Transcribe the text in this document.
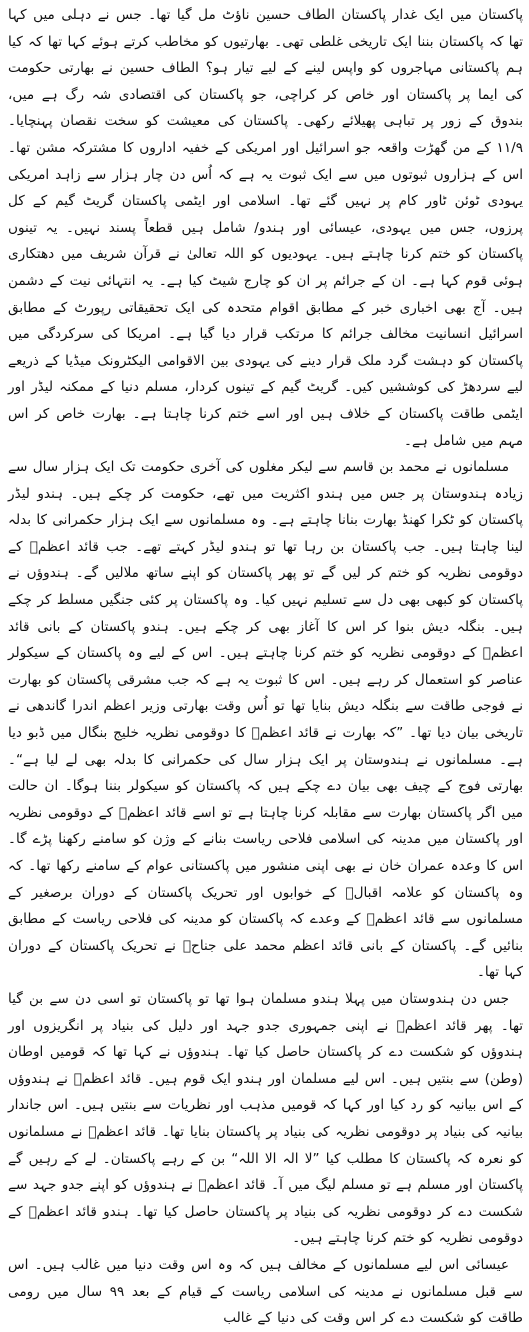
پاکستان میں ایک غدار پاکستان الطاف حسین ناؤٹ مل گیا تھا۔ جس نے دہلی میں کہا تھا کہ پاکستان بننا ایک تاریخی غلطی تھی۔ بھارتیوں کو مخاطب کرتے ہوئے کہا تھا کہ کیا ہم پاکستانی مہاجروں کو واپس لینے کے لیے تیار ہو؟ الطاف حسین نے بھارتی حکومت کی ایما پر پاکستان اور خاص کر کراچی، جو پاکستان کی اقتصادی شہ رگ ہے میں، بندوق کے زور پر تباہی پھیلائے رکھی۔ پاکستان کی معیشت کو سخت نقصان پہنچایا۔ ۱۱/۹ کے من گھڑت واقعہ جو اسرائیل اور امریکی کے خفیہ اداروں کا مشترکہ مشن تھا۔ اس کے ہزاروں ثبوتوں میں سے ایک ثبوت یہ ہے کہ اُس دن چار ہزار سے زاہد امریکی یہودی ٹوئن ٹاور کام پر نہیں گئے تھا۔ اسلامی اور ایٹمی پاکستان گریٹ گیم کے کل پرزوں، جس میں یہودی، عیسائی اور ہندو/ شامل ہیں قطعاً پسند نہیں۔ یہ تینوں پاکستان کو ختم کرنا چاہتے ہیں۔ یہودیوں کو اللہ تعالیٰ نے قرآن شریف میں دھتکاری ہوئی قوم کہا ہے۔ ان کے جرائم پر ان کو چارج شیٹ کیا ہے۔ یہ انتہائی نیت کے دشمن ہیں۔ آج بھی اخباری خبر کے مطابق اقوام متحدہ کی ایک تحقیقاتی رپورٹ کے مطابق اسرائیل انسانیت مخالف جرائم کا مرتکب قرار دیا گیا ہے۔ امریکا کی سرکردگی میں پاکستان کو دہشت گرد ملک قرار دینے کی یہودی بین الاقوامی الیکٹرونک میڈیا کے ذریعے لیے سردھڑ کی کوششیں کیں۔ گریٹ گیم کے تینوں کردار، مسلم دنیا کے ممکنہ لیڈر اور ایٹمی طاقت پاکستان کے خلاف ہیں اور اسے ختم کرنا چاہتا ہے۔ بھارت خاص کر اس مہم میں شامل ہے۔

مسلمانوں نے محمد بن قاسم سے لیکر مغلوں کی آخری حکومت تک ایک ہزار سال سے زیادہ ہندوستان پر جس میں ہندو اکثریت میں تھے، حکومت کر چکے ہیں۔ ہندو لیڈر پاکستان کو ٹکرا کھنڈ بھارت بنانا چاہتے ہے۔ وہ مسلمانوں سے ایک ہزار حکمرانی کا بدلہ لینا چاہتا ہیں۔ جب پاکستان بن رہا تھا تو ہندو لیڈر کہتے تھے۔ جب قائد اعظمؒ کے دوقومی نظریہ کو ختم کر لیں گے تو پھر پاکستان کو اپنے ساتھ ملالیں گے۔ ہندوؤں نے پاکستان کو کبھی بھی دل سے تسلیم نہیں کیا۔ وہ پاکستان پر کئی جنگیں مسلط کر چکے ہیں۔ بنگلہ دیش بنوا کر اس کا آغاز بھی کر چکے ہیں۔ ہندو پاکستان کے بانی قائد اعظمؒ کے دوقومی نظریہ کو ختم کرنا چاہتے ہیں۔ اس کے لیے وہ پاکستان کے سیکولر عناصر کو استعمال کر رہے ہیں۔ اس کا ثبوت یہ ہے کہ جب مشرقی پاکستان کو بھارت نے فوجی طاقت سے بنگلہ دیش بنایا تھا تو اُس وقت بھارتی وزیر اعظم اندرا گاندھی نے تاریخی بیان دیا تھا۔ ”کہ بھارت نے قائد اعظمؒ کا دوقومی نظریہ خلیج بنگال میں ڈبو دیا ہے۔ مسلمانوں نے ہندوستان پر ایک ہزار سال کی حکمرانی کا بدلہ بھی لے لیا ہے“۔ بھارتی فوج کے چیف بھی بیان دے چکے ہیں کہ پاکستان کو سیکولر بننا ہوگا۔ ان حالت میں اگر پاکستان بھارت سے مقابلہ کرنا چاہتا ہے تو اسے قائد اعظمؒ کے دوقومی نظریہ اور پاکستان میں مدینہ کی اسلامی فلاحی ریاست بنانے کے وژن کو سامنے رکھنا پڑے گا۔ اس کا وعدہ عمران خان نے بھی اپنی منشور میں پاکستانی عوام کے سامنے رکھا تھا۔ کہ وہ پاکستان کو علامہ اقبالؒ کے خوابوں اور تحریک پاکستان کے دوران برصغیر کے مسلمانوں سے قائد اعظمؒ کے وعدے کہ پاکستان کو مدینہ کی فلاحی ریاست کے مطابق بنائیں گے۔ پاکستان کے بانی قائد اعظم محمد علی جناحؒ نے تحریک پاکستان کے دوران کہا تھا۔

جس دن ہندوستان میں پہلا ہندو مسلمان ہوا تھا تو پاکستان تو اسی دن سے بن گیا تھا۔ پھر قائد اعظمؒ نے اپنی جمہوری جدو جہد اور دلیل کی بنیاد پر انگریزوں اور ہندوؤں کو شکست دے کر پاکستان حاصل کیا تھا۔ ہندوؤں نے کہا تھا کہ قومیں اوطان (وطن) سے بنتیں ہیں۔ اس لیے مسلمان اور ہندو ایک قوم ہیں۔ قائد اعظمؒ نے ہندوؤں کے اس بیانیہ کو رد کیا اور کہا کہ قومیں مذہب اور نظریات سے بنتیں ہیں۔ اس جاندار بیانیہ کی بنیاد پر دوقومی نظریہ کی بنیاد پر پاکستان بنایا تھا۔ قائد اعظمؒ نے مسلمانوں کو نعرہ کہ پاکستان کا مطلب کیا ”لا الہ الا اللہ“ بن کے رہے پاکستان۔ لے کے رہیں گے پاکستان اور مسلم ہے تو مسلم لیگ میں آ۔ قائد اعظمؒ نے ہندوؤں کو اپنے جدو جہد سے شکست دے کر دوقومی نظریہ کی بنیاد پر پاکستان حاصل کیا تھا۔ ہندو قائد اعظمؒ کے دوقومی نظریہ کو ختم کرنا چاہتے ہیں۔

عیسائی اس لیے مسلمانوں کے مخالف ہیں کہ وہ اس وقت دنیا میں غالب ہیں۔ اس سے قبل مسلمانوں نے مدینہ کی اسلامی ریاست کے قیام کے بعد ۹۹ سال میں رومی طاقت کو شکست دے کر اس وقت کی دنیا کے غالب
